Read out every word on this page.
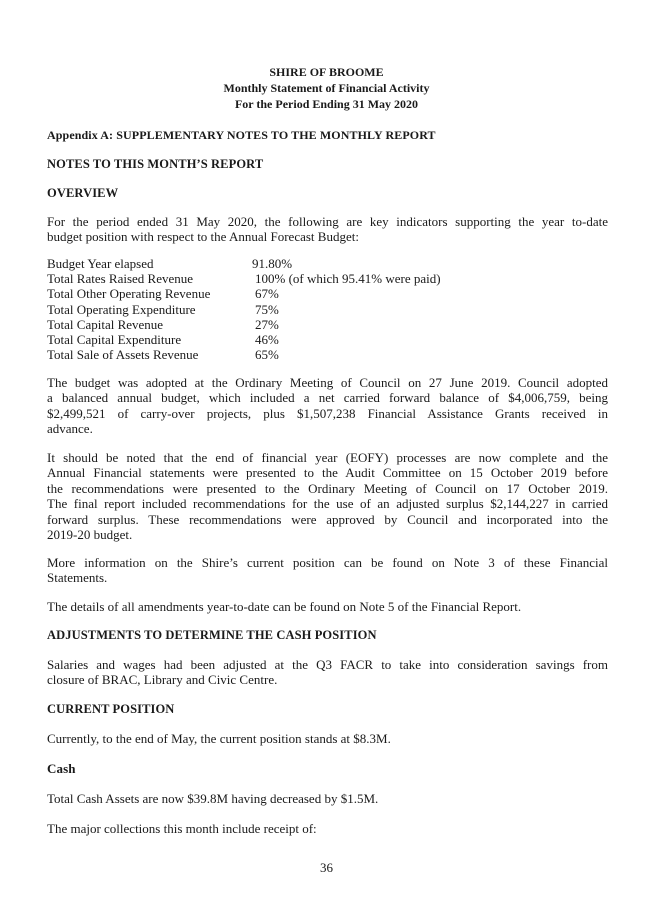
SHIRE OF BROOME
Monthly Statement of Financial Activity
For the Period Ending 31 May 2020
Appendix A: SUPPLEMENTARY NOTES TO THE MONTHLY REPORT
NOTES TO THIS MONTH’S REPORT
OVERVIEW
For the period ended 31 May 2020, the following are key indicators supporting the year to-date
budget position with respect to the Annual Forecast Budget:
Budget Year elapsed	91.80%
Total Rates Raised Revenue	100% (of which 95.41% were paid)
Total Other Operating Revenue	67%
Total Operating Expenditure	75%
Total Capital Revenue	27%
Total Capital Expenditure	46%
Total Sale of Assets Revenue	65%
The budget was adopted at the Ordinary Meeting of Council on 27 June 2019. Council adopted
a balanced annual budget, which included a net carried forward balance of $4,006,759, being
$2,499,521 of carry-over projects, plus $1,507,238 Financial Assistance Grants received in
advance.
It should be noted that the end of financial year (EOFY) processes are now complete and the
Annual Financial statements were presented to the Audit Committee on 15 October 2019 before
the recommendations were presented to the Ordinary Meeting of Council on 17 October 2019.
The final report included recommendations for the use of an adjusted surplus $2,144,227 in carried
forward surplus. These recommendations were approved by Council and incorporated into the
2019-20 budget.
More information on the Shire’s current position can be found on Note 3 of these Financial
Statements.
The details of all amendments year-to-date can be found on Note 5 of the Financial Report.
ADJUSTMENTS TO DETERMINE THE CASH POSITION
Salaries and wages had been adjusted at the Q3 FACR to take into consideration savings from
closure of BRAC, Library and Civic Centre.
CURRENT POSITION
Currently, to the end of May, the current position stands at $8.3M.
Cash
Total Cash Assets are now $39.8M having decreased by $1.5M.
The major collections this month include receipt of:
36
